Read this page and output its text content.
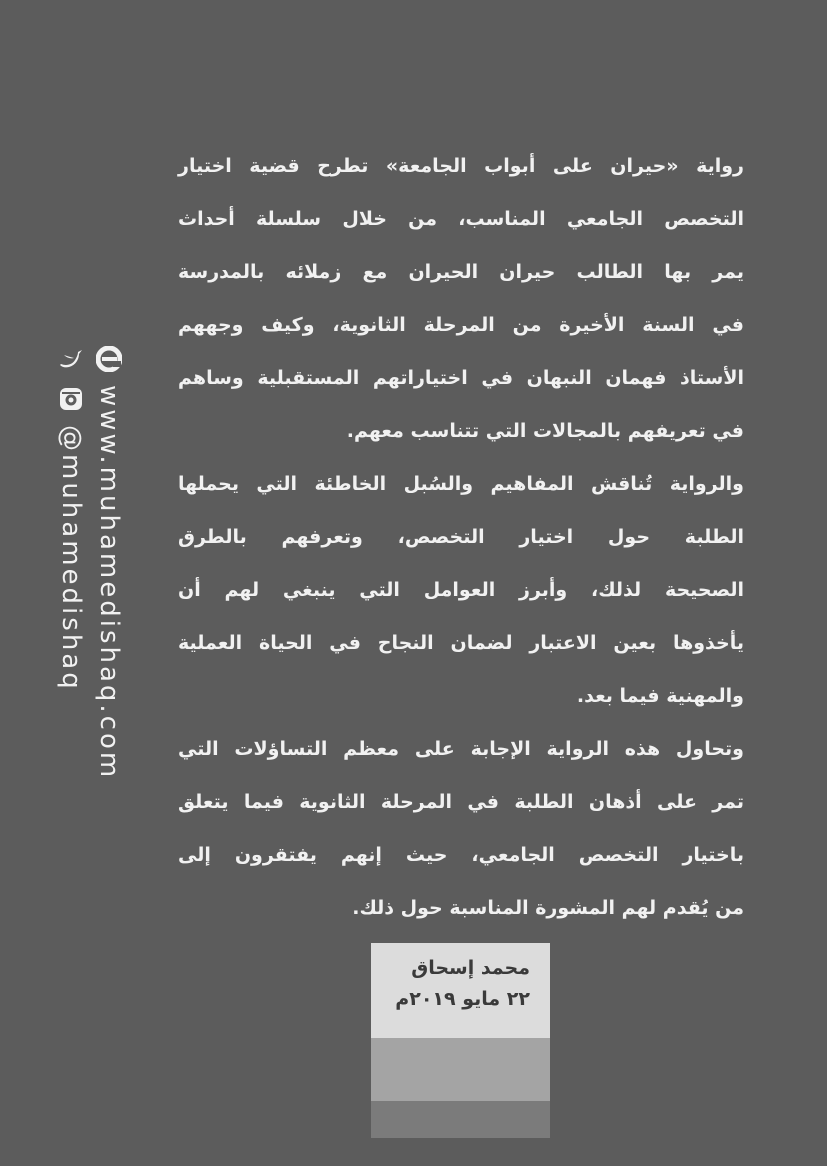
رواية «حيران على أبواب الجامعة» تطرح قضية اختيار
التخصص الجامعي المناسب، من خلال سلسلة أحداث
يمر بها الطالب حيران الحيران مع زملائه بالمدرسة
في السنة الأخيرة من المرحلة الثانوية، وكيف وجههم
الأستاذ فهمان النبهان في اختياراتهم المستقبلية وساهم
في تعريفهم بالمجالات التي تتناسب معهم.
والرواية تُناقش المفاهيم والسُبل الخاطئة التي يحملها
الطلبة حول اختيار التخصص، وتعرفهم بالطرق
الصحيحة لذلك، وأبرز العوامل التي ينبغي لهم أن
يأخذوها بعين الاعتبار لضمان النجاح في الحياة العملية
والمهنية فيما بعد.
وتحاول هذه الرواية الإجابة على معظم التساؤلات التي
تمر على أذهان الطلبة في المرحلة الثانوية فيما يتعلق
باختيار التخصص الجامعي، حيث إنهم يفتقرون إلى
من يُقدم لهم المشورة المناسبة حول ذلك.
www.muhamedishaq.com
@muhamedishaq
محمد إسحاق
٢٢ مايو ٢٠١٩م
